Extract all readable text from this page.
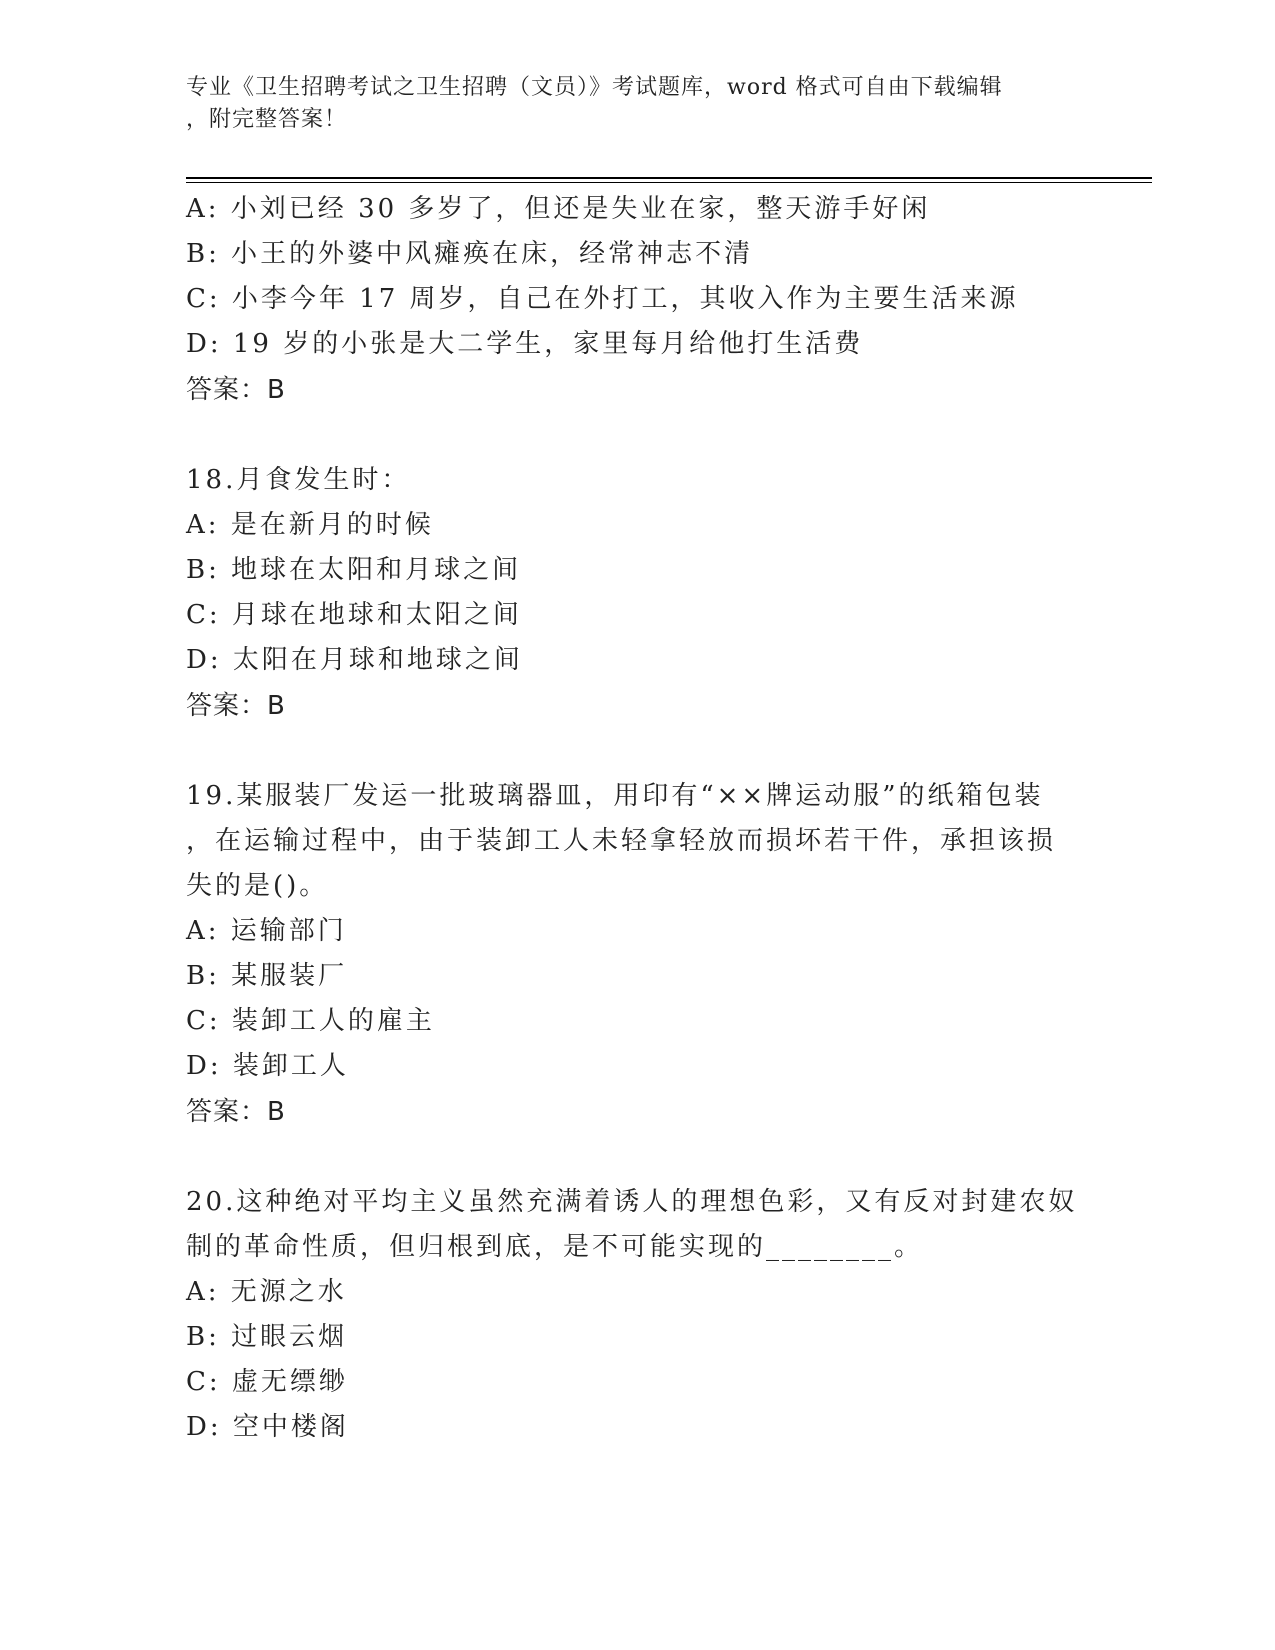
专业《卫生招聘考试之卫生招聘（文员）》考试题库，word 格式可自由下载编辑
，附完整答案！
A: 小刘已经 30 多岁了，但还是失业在家，整天游手好闲
B: 小王的外婆中风瘫痪在床，经常神志不清
C: 小李今年 17 周岁，自己在外打工，其收入作为主要生活来源
D: 19 岁的小张是大二学生，家里每月给他打生活费
答案：B
18.月食发生时：
A: 是在新月的时候
B: 地球在太阳和月球之间
C: 月球在地球和太阳之间
D: 太阳在月球和地球之间
答案：B
19.某服装厂发运一批玻璃器皿，用印有“××牌运动服”的纸箱包装
，在运输过程中，由于装卸工人未轻拿轻放而损坏若干件，承担该损
失的是()。
A: 运输部门
B: 某服装厂
C: 装卸工人的雇主
D: 装卸工人
答案：B
20.这种绝对平均主义虽然充满着诱人的理想色彩，又有反对封建农奴
制的革命性质，但归根到底，是不可能实现的________。
A: 无源之水
B: 过眼云烟
C: 虚无缥缈
D: 空中楼阁
